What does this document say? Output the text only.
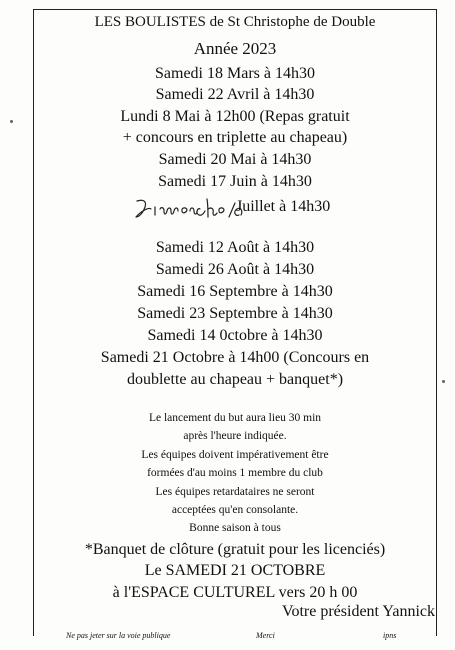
LES BOULISTES de St Christophe de Double
Année 2023
Samedi 18 Mars à 14h30
Samedi 22 Avril à 14h30
Lundi 8 Mai à 12h00 (Repas gratuit
+ concours en triplette au chapeau)
Samedi 20 Mai à 14h30
Samedi 17 Juin à 14h30
Juillet à 14h30
Samedi 12 Août à 14h30
Samedi 26 Août à 14h30
Samedi 16 Septembre à 14h30
Samedi 23 Septembre à 14h30
Samedi 14 0ctobre à 14h30
Samedi 21 Octobre à 14h00 (Concours en
doublette au chapeau + banquet*)
Le lancement du but aura lieu 30 min
après l'heure indiquée.
Les équipes doivent impérativement être
formées d'au moins 1 membre du club
Les équipes retardataires ne seront
acceptées qu'en consolante.
Bonne saison à tous
*Banquet de clôture (gratuit pour les licenciés)
Le SAMEDI 21 OCTOBRE
à l'ESPACE CULTUREL vers 20 h 00
Votre président Yannick
Ne pas jeter sur la voie publique	Merci	ipns
